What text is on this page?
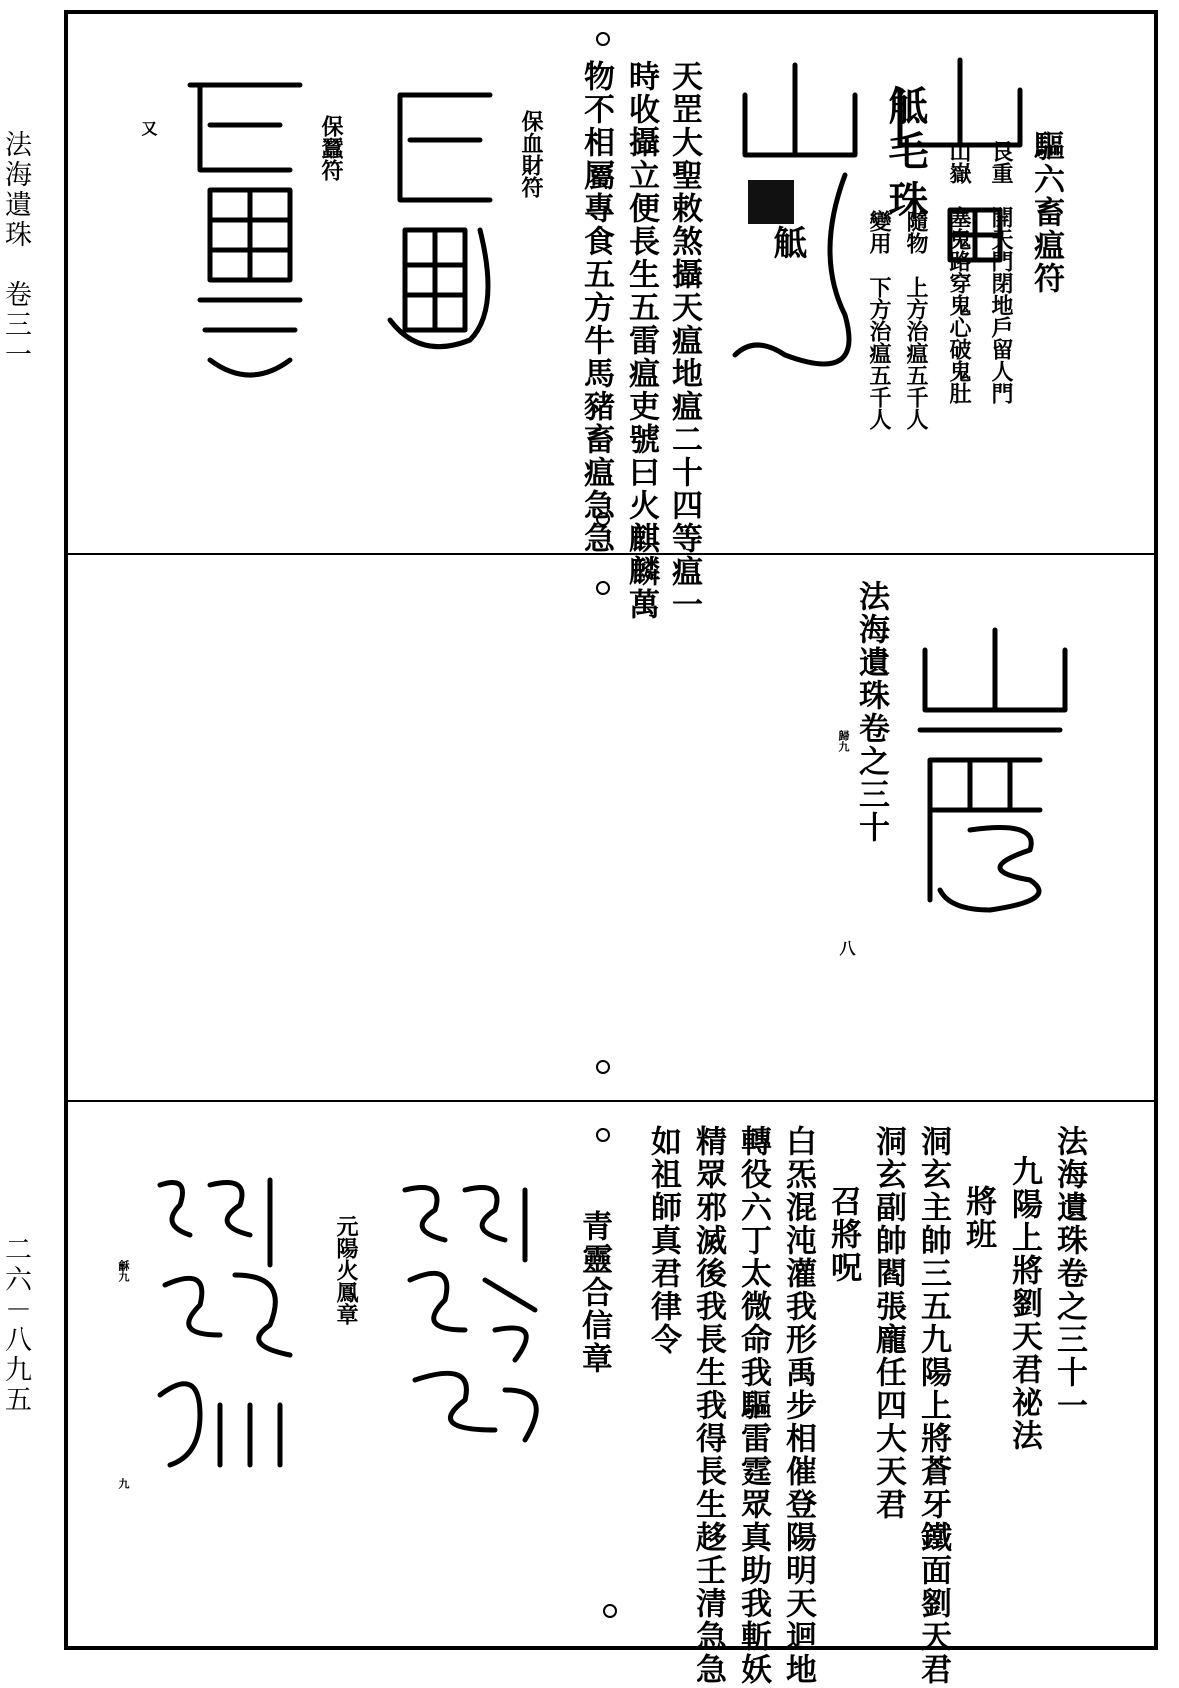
法海遺珠　卷三一
二六－八九五
驅六畜瘟符
艮重　開天門閉地戶留人門
山嶽　塞鬼路穿鬼心破鬼肚
隨物　上方治瘟五千人
變用　下方治瘟五千人
觝
毛
珠
觝
天罡大聖敕煞攝天瘟地瘟二十四等瘟一
時收攝立便長生五雷瘟吏號曰火麒麟萬
物不相屬專食五方牛馬豬畜瘟急急
保血財符
保蠶符
又
法海遺珠卷之三十
歸九
八
法海遺珠卷之三十一
九陽上將劉天君祕法
將班
洞玄主帥三五九陽上將蒼牙鐵面劉天君
洞玄副帥閻張龐任四大天君
召將呪
白炁混沌灌我形禹步相催登陽明天迴地
轉役六丁太微命我驅雷霆眾真助我斬妖
精眾邪滅後我長生我得長生趍壬清急急
如祖師真君律令
青靈合信章
元陽火鳳章
龢九
九
